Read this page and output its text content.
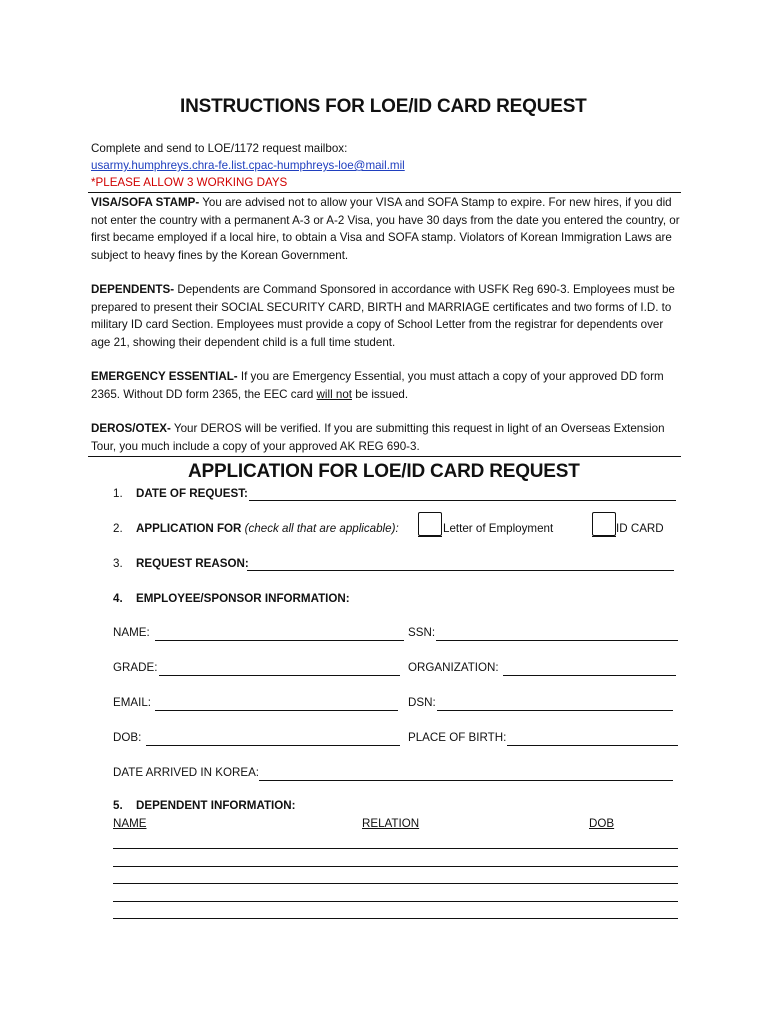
INSTRUCTIONS FOR LOE/ID CARD REQUEST
Complete and send to LOE/1172 request mailbox:
usarmy.humphreys.chra-fe.list.cpac-humphreys-loe@mail.mil
*PLEASE ALLOW 3 WORKING DAYS
VISA/SOFA STAMP- You are advised not to allow your VISA and SOFA Stamp to expire. For new hires, if you did not enter the country with a permanent A-3 or A-2 Visa, you have 30 days from the date you entered the country, or first became employed if a local hire, to obtain a Visa and SOFA stamp. Violators of Korean Immigration Laws are subject to heavy fines by the Korean Government.
DEPENDENTS- Dependents are Command Sponsored in accordance with USFK Reg 690-3. Employees must be prepared to present their SOCIAL SECURITY CARD, BIRTH and MARRIAGE certificates and two forms of I.D. to military ID card Section. Employees must provide a copy of School Letter from the registrar for dependents over age 21, showing their dependent child is a full time student.
EMERGENCY ESSENTIAL- If you are Emergency Essential, you must attach a copy of your approved DD form 2365. Without DD form 2365, the EEC card will not be issued.
DEROS/OTEX- Your DEROS will be verified. If you are submitting this request in light of an Overseas Extension Tour, you much include a copy of your approved AK REG 690-3.
APPLICATION FOR LOE/ID CARD REQUEST
1. DATE OF REQUEST:
2. APPLICATION FOR (check all that are applicable):	Letter of Employment	ID CARD
3. REQUEST REASON:
4. EMPLOYEE/SPONSOR INFORMATION:
NAME:	SSN:
GRADE:	ORGANIZATION:
EMAIL:	DSN:
DOB:	PLACE OF BIRTH:
DATE ARRIVED IN KOREA:
5. DEPENDENT INFORMATION:
NAME	RELATION	DOB
